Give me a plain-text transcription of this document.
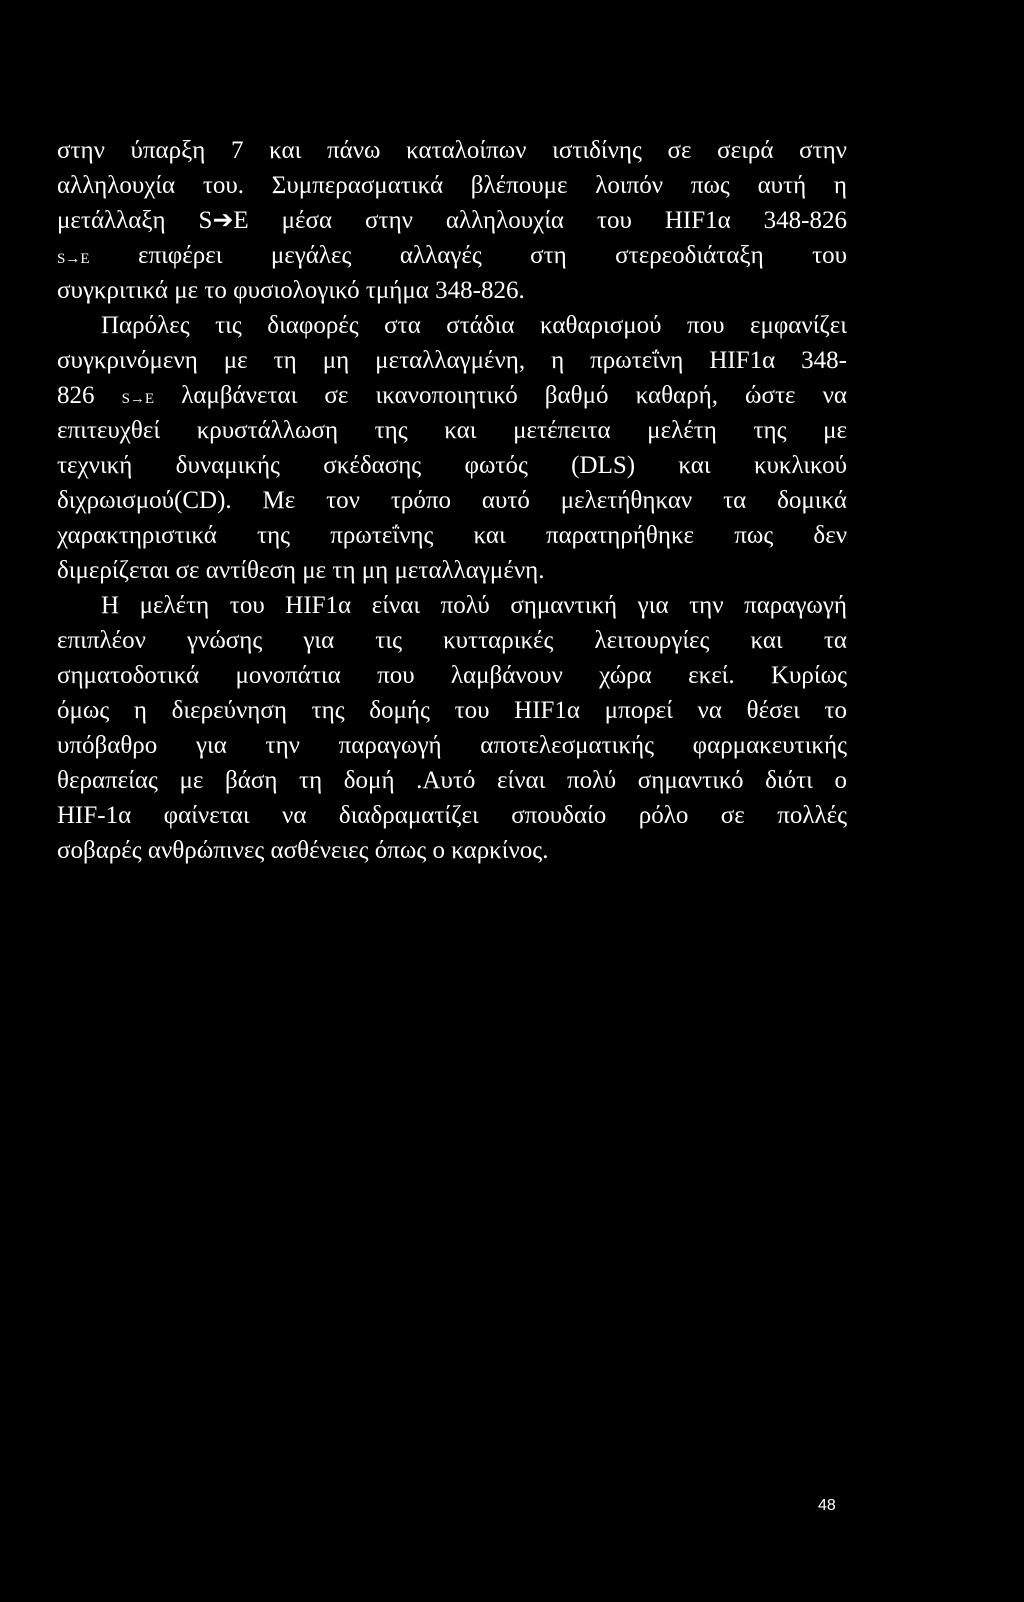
στην ύπαρξη 7 και πάνω καταλοίπων ιστιδίνης σε σειρά στην
αλληλουχία του. Συμπερασματικά βλέπουμε λοιπόν πως αυτή η
μετάλλαξη S➔E μέσα στην αλληλουχία του HIF1α 348-826
S→E επιφέρει μεγάλες αλλαγές στη στερεοδιάταξη του
συγκριτικά με το φυσιολογικό τμήμα 348-826.
Παρόλες τις διαφορές στα στάδια καθαρισμού που εμφανίζει
συγκρινόμενη με τη μη μεταλλαγμένη, η πρωτεΐνη HIF1α 348-
826 S→E λαμβάνεται σε ικανοποιητικό βαθμό καθαρή, ώστε να
επιτευχθεί κρυστάλλωση της και μετέπειτα μελέτη της με
τεχνική δυναμικής σκέδασης φωτός (DLS) και κυκλικού
διχρωισμού(CD). Με τον τρόπο αυτό μελετήθηκαν τα δομικά
χαρακτηριστικά της πρωτεΐνης και παρατηρήθηκε πως δεν
διμερίζεται σε αντίθεση με τη μη μεταλλαγμένη.
Η μελέτη του HIF1α είναι πολύ σημαντική για την παραγωγή
επιπλέον γνώσης για τις κυτταρικές λειτουργίες και τα
σηματοδοτικά μονοπάτια που λαμβάνουν χώρα εκεί. Κυρίως
όμως η διερεύνηση της δομής του HIF1α μπορεί να θέσει το
υπόβαθρο για την παραγωγή αποτελεσματικής φαρμακευτικής
θεραπείας με βάση τη δομή .Αυτό είναι πολύ σημαντικό διότι ο
HIF-1α φαίνεται να διαδραματίζει σπουδαίο ρόλο σε πολλές
σοβαρές ανθρώπινες ασθένειες όπως ο καρκίνος.
48
